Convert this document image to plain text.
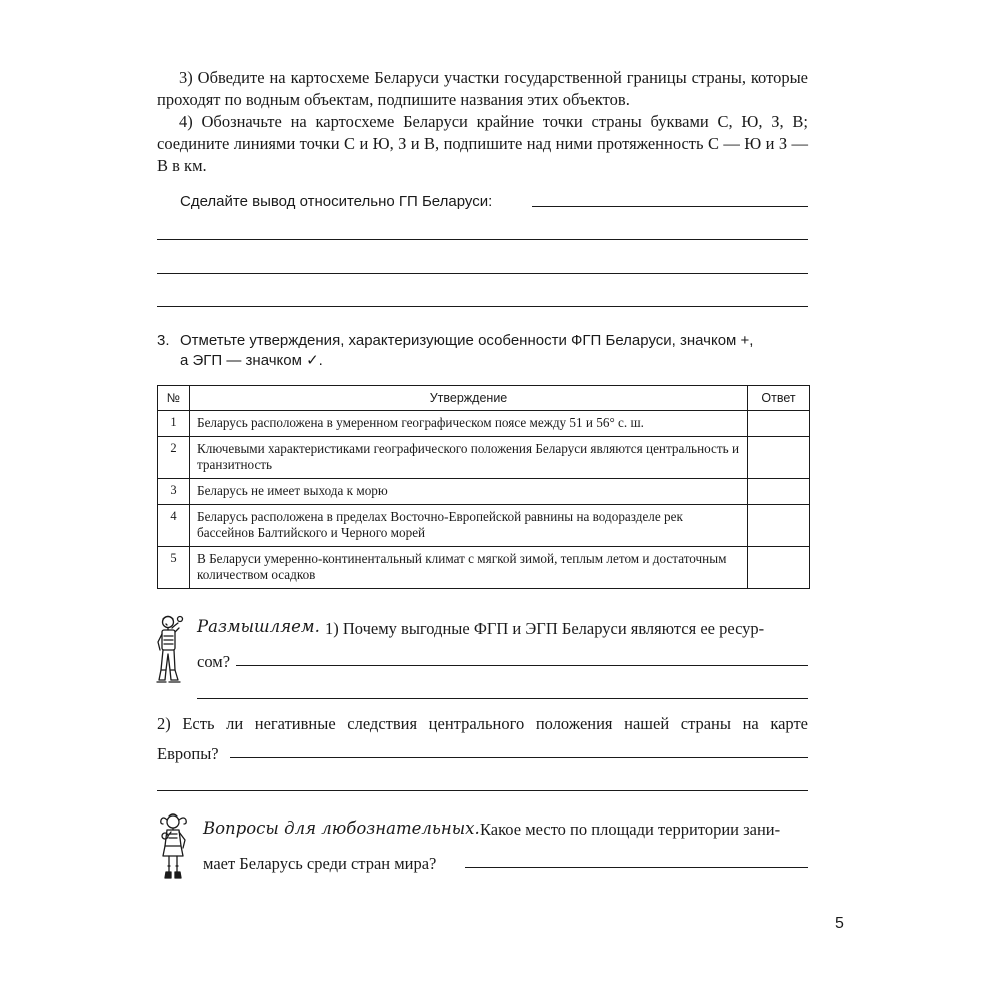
3) Обведите на картосхеме Беларуси участки государственной границы страны, которые проходят по водным объектам, подпишите названия этих объектов.
4) Обозначьте на картосхеме Беларуси крайние точки страны буквами С, Ю, З, В; соедините линиями точки С и Ю, З и В, подпишите над ними протяженность С — Ю и З — В в км.
Сделайте вывод относительно ГП Беларуси:
3. Отметьте утверждения, характеризующие особенности ФГП Беларуси, значком +,
а ЭГП — значком ✓.
№	Утверждение	Ответ
1	Беларусь расположена в умеренном географическом поясе между 51 и 56° с. ш.	
2	Ключевыми характеристиками географического положения Беларуси являются центральность и транзитность	
3	Беларусь не имеет выхода к морю	
4	Беларусь расположена в пределах Восточно-Европейской равнины на водоразделе рек бассейнов Балтийского и Черного морей	
5	В Беларуси умеренно-континентальный климат с мягкой зимой, теплым летом и достаточным количеством осадков	
Размышляем. 1) Почему выгодные ФГП и ЭГП Беларуси являются ее ресур-
сом?
2) Есть ли негативные следствия центрального положения нашей страны на карте
Европы?
Вопросы для любознательных. Какое место по площади территории зани-
мает Беларусь среди стран мира?
5
